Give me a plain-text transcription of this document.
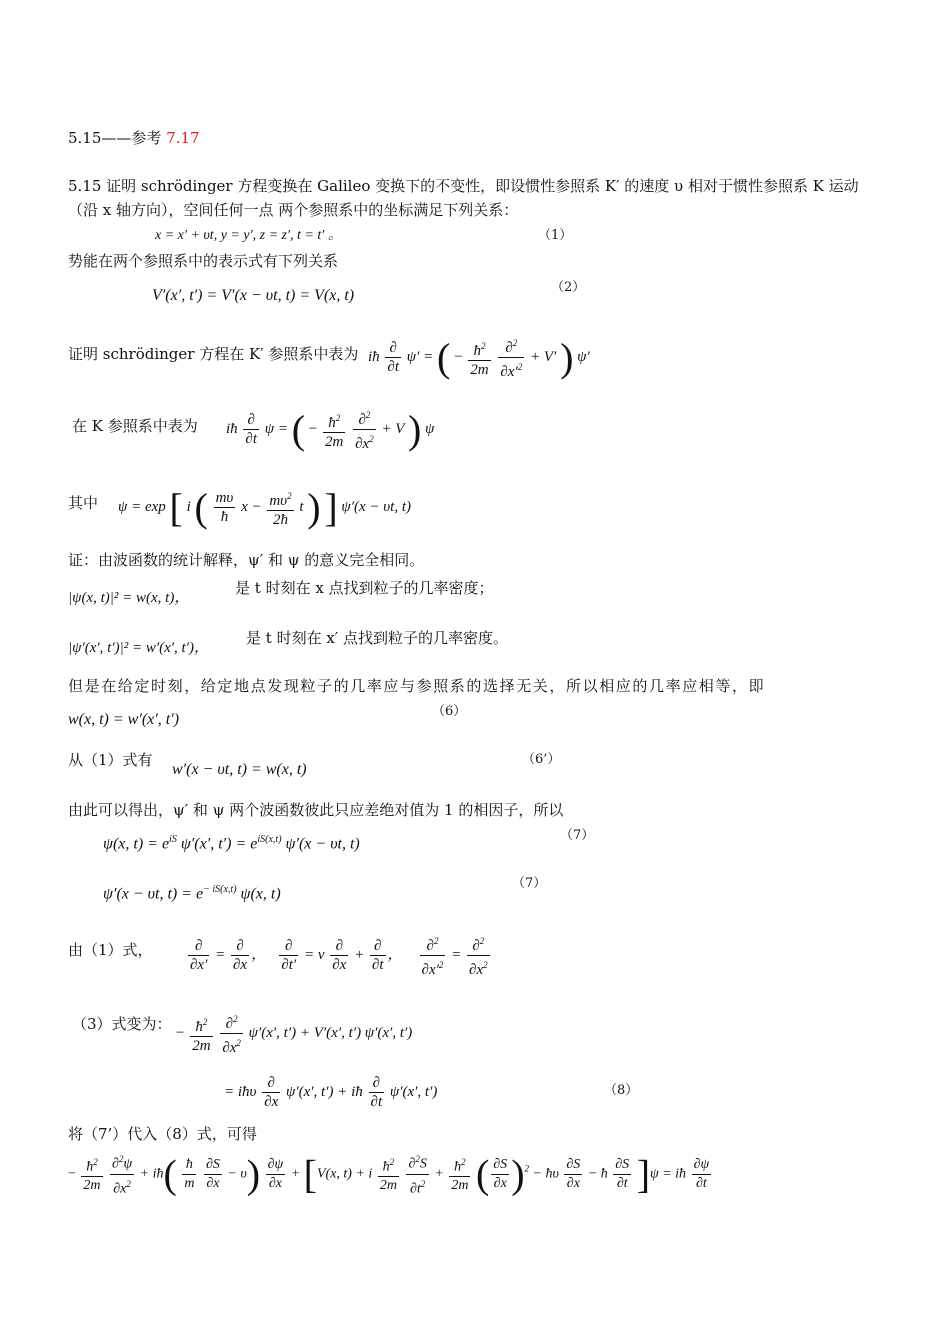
5.15——参考 7.17
5.15 证明 schrödinger 方程变换在 Galileo 变换下的不变性，即设惯性参照系 K′ 的速度 υ 相对于惯性参照系 K 运动
（沿 x 轴方向），空间任何一点 两个参照系中的坐标满足下列关系：
x = x′ + υt, y = y′, z = z′, t = t′ 。	（1）
势能在两个参照系中的表示式有下列关系
V′(x′, t′) = V′(x − υt, t) = V(x, t)	（2）
证明 schrödinger 方程在 K′ 参照系中表为 iħ $\frac{\partial}{\partial t} \psi'$ = ( − $\frac{ħ^2}{2m}$
$\frac{\partial^2}{\partial x'^2} + V'$ ) ψ′
在 K 参照系中表为 iħ $\frac{\partial}{\partial t}$ ψ = ( − $\frac{ħ^2}{2m}$
$\frac{\partial^2}{\partial x^2} + V$ ) ψ
其中 ψ = exp [ i ( $\frac{m\upsilon}{ħ}$ $x - \frac{m\upsilon^2}{2ħ}$ t ) ] ψ′(x − υt, t)
证：由波函数的统计解释，ψ′ 和 ψ 的意义完全相同。
|ψ(x, t)|² = w(x, t)，
是 t 时刻在 x 点找到粒子的几率密度；
|ψ′(x′, t′)|² = w′(x′, t′)，
是 t 时刻在 x′ 点找到粒子的几率密度。
但是在给定时刻，给定地点发现粒子的几率应与参照系的选择无关，所以相应的几率应相等，即
w(x, t) = w′(x′, t′)	（6）
从（1）式有
w′(x − υt, t) = w(x, t)
（6’）
由此可以得出，ψ′ 和 ψ 两个波函数彼此只应差绝对值为 1 的相因子，所以
ψ(x, $t) = e^{iS}$ ψ′(x′, $t') = e^{iS(x,t)}$ ψ′(x − υt, t)	（7）
ψ′(x − υt, $t) = e^{- iS(x,t)}$ ψ(x, t)
（7）
由（1）式， $\frac{\partial}{\partial x'} = \frac{\partial}{\partial x}$ ， $\frac{\partial}{\partial t'} = v \frac{\partial}{\partial x} + \frac{\partial}{\partial t}$ ， $\frac{\partial^2}{\partial x'^2} = \frac{\partial^2}{\partial x^2}$
（3）式变为： − $\frac{ħ^2}{2m}$
$\frac{\partial^2}{\partial x^2} \psi'(x'$, t′) + V′(x′, t′) ψ′(x′, t′)
= iħυ $\frac{\partial}{\partial x} \psi'(x'$, t′) + iħ $\frac{\partial}{\partial t} \psi'(x'$, t′)	（8）
将（7’）代入（8）式，可得
− $\frac{ħ^2}{2m}$
$\frac{\partial^2\psi}{\partial x^2}$ + iħ( $\frac{ħ}{m}$
$\frac{\partial S}{\partial x} - \upsilon) \frac{\partial\psi}{\partial x} + [V(x$, t) + i $\frac{ħ^2}{2m}$
$\frac{\partial^2S}{\partial t^2} + \frac{ħ^2}{2m}$ ( $\frac{\partial S}{\partial x} )^2$ − ħυ $\frac{\partial S}{\partial x}$ − ħ $\frac{\partial S}{\partial t} ]\psi$ = iħ $\frac{\partial\psi}{\partial t}$
